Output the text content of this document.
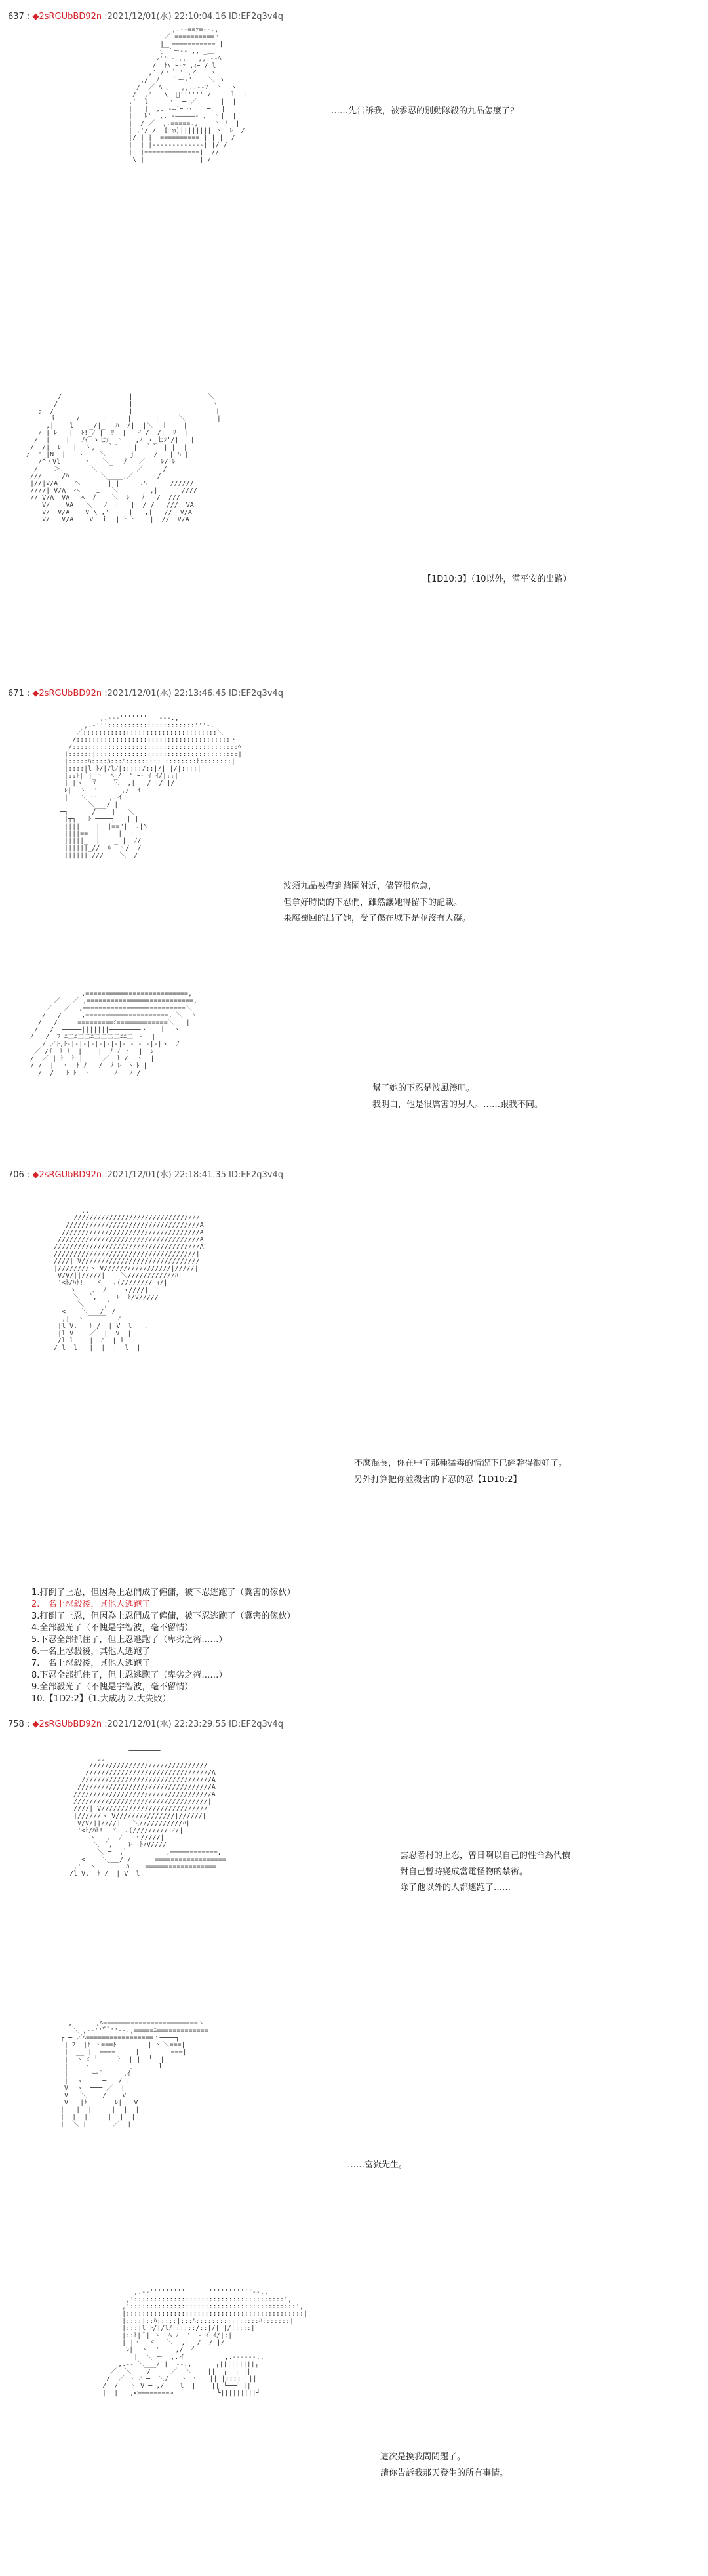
637 : ◆2sRGUbBD92n :2021/12/01(水) 22:10:04.16 ID:EF2q3v4q
,.-‐==ｧ=‐-.,
／ ==========ヽ
|  =========== |
｛￣`ー‐- ,, _＿|
ﾚ''ｰ- ,,_ _,,.-‐ﾍ
/  ﾄ\ ｰ-ｧ ,ｨｰ / l
,′ /ヽ ﾞ ' ,イ   ヽ
,/  ﾉ   ｀ー‐'    ＼ ヽ
/  ／ ﾍ ､___,,..-‐ﾌ  ヽ  ヽ
/  ,'   \  ﾞ'''''' /     l  |
,'  l     ヽ  ─ ／      |  |
|   |  ,. -―`ｰ ⌒ '´ ─、 |  |
|   ﾚ'  ,. -―――――- ､  ヽ|  |
|  / ／ _,.=====.,_   ヽ ﾉ  |
| ,'/ /  [_◎]|||||||| ヽ  ﾚ  /
|/ | |  ========== | | |  /
|  | |-------------| |/ /
|  |==============|  //
\ |______________| /
……先告訴我，被雲忍的別動隊殺的九品怎麼了？
/                 |                   ＼
/                  |                    ヽ
;  /                   |                     |
ｉ     /      |     |      |     ＼        |
,|    l    _/|_＿ ﾊ  /|  |＼  ｜    |
/ | ﾚ   |  ﾄ!_ﾉ |  ﾘ  ||  ｲ /  /|  ﾘ  |
/  |    |   ﾉ{ ゝ七ｧ' ヽ   ,ﾉ ゝ_七ｼ'/|   |
/  /|  ﾚ   |  ヽ,_  ｀´    |  ｀´  | |  |
/  ' |N  |   ヽ    ＼      j     /   | ﾊ |
/^ヽVl      ヽ   ＼_＿ ﾉ   ／    ﾚ/ ﾚ
/    ＞、      ＼          ／     /
///     /ﾊ        ＼____,／      /
|//|V/A    ヘ       | |     .ﾊ      //////
////| V/A  ヘ    i|  ＼   |    ,|      ////
// V/A  VA   ﾍ  ﾉ    ＼  ﾚ   ﾉ   /  ///
V/    VA   ＼   ﾉ  |   |  / /   ///  VA
V/  V/A    V \ ,'  |  |   ,|   //  V/A
V/   V/A    V  ｉ  | ﾄ ﾄ  | |  //  V/A
【1D10:3】（10以外，滿平安的出路）
671 : ◆2sRGUbBD92n :2021/12/01(水) 22:13:46.45 ID:EF2q3v4q
,.-‐‐''''''''''‐‐-.,
,.-'''::::::::::::::::::::::'''-.
／::::::::::::::::::::::::::::::::::＼
/:::::::::::::::::::::::::::::::::::::::ヽ
/::::::::::::::::::::::::::::::::::::::::::ﾍ
|::::::|::::::::::::::::::::::::::::::::::::|
|:::::ﾊ::::ﾊ:::ﾊ:::::::::|::::::::ﾄ::::::::|
|::::|l ﾄ/|/lﾉ|:::::/::|/| |/|::::|
|::ﾄ| ﾞ|_ヽ  ﾍ_ﾉ  ' ｰ- ｲ ｲ/|::|
| |ヽ  ヾ    ＼  ,|   / |/ |/
ﾚ|  ヽ  '      ,/  ｲ
|   ＼ ー   ,.イ
＼___/ |
─┐      /    |   ＼
|┬┐   ﾄ ────┐   | |
||||    |  |=="|  .|ﾍ
||||==  |  ｜ |  | |
|||||_  |  ｜_ |  ﾉ/
||||||_//  ﾙ  ヽ/  /
|||||| ///    ＼  /
波須九品被帶到踏圍附近，儘管很危急，
但拿好時間的下忍們，雖然讓她得留下的記載。
果腐蜀回的出了她，受了傷在城下是並沒有大礙。
,==========================,
／   ／ ,===========================,
／   ／  ,==========================＼
/   /     ,=====================, ＼  ヽ
/   /     =========ﾐ=============＼   |
/   /  ─────|||||||────────ヽ   ｜  ヽ
ﾉ   /  ﾌ ﾆ二ﾆ二二ﾆ二二二二ﾆﾆ二 ヽ  |
/ ／ﾄ,ﾄ-|-|-|-|-|-|-|-|-|-|-|-|ヽ  ﾉ
／ /ｲ  ﾄ ﾄ  |    |  ﾉ ﾉ ヽ  |  ﾚ
/  ／ | ﾄ  ﾄ |     ／  ﾄ /  ヽ  |
/ /  |  ヽ  ﾄ ﾉ   /  ﾉ ﾚ  ﾄ ﾄ |
/  /   ﾄ ﾄ  ヽ      ﾉ   ﾉ /
幫了她的下忍是波風湊吧。
我明白，他是很厲害的男人。……跟我不同。
706 : ◆2sRGUbBD92n :2021/12/01(水) 22:18:41.35 ID:EF2q3v4q
─────
,,
////////////////////////////////
//////////////////////////////////A
///////////////////////////////////A
////////////////////////////////////A
/////////////////////////////////////A
////////////////////////////////////|
////| V//////////////////////////////
|////////ヽ V/////////////////|/////|
V/V/||/////|    ＼////////////ﾊ|
'<ﾄ/ﾊﾄ!   ヾ   ､(//////// ｨ/|
ヽ    ､  ﾉ    ヽ////|
＼   ﾞ,     ﾚ  ﾄ/V/////
＼ ─   ,ﾞ
<    ＼___/  /
,|  ヽ    ￣   ﾊ
|l V.   ﾄ /  | V  l   .
|l V    ／  |  V  |
/l l    |  ﾊ  | l  |
/ l  l   |  |  |  l  |
不麼混長，你在中了那種猛毒的情況下已經幹得很好了。
另外打算把你並殺害的下忍的忍【1D10:2】
1.打倒了上忍，但因為上忍們成了僱傭，被下忍逃跑了（冀害的傢伙）
2.一名上忍殺後，其他人逃跑了
3.打倒了上忍，但因為上忍們成了僱傭，被下忍逃跑了（冀害的傢伙）
4.全部殺光了（不愧是宇智波，毫不留情）
5.下忍全部抓住了，但上忍逃跑了（卑劣之術……）
6.一名上忍殺後，其他人逃跑了
7.一名上忍殺後，其他人逃跑了
8.下忍全部抓住了，但上忍逃跑了（卑劣之術……）
9.全部殺光了（不愧是宇智波，毫不留情）
10.【1D2:2】（1.大成功 2.大失敗）
758 : ◆2sRGUbBD92n :2021/12/01(水) 22:23:29.55 ID:EF2q3v4q
────────
,,
//////////////////////////////
////////////////////////////////A
/////////////////////////////////A
//////////////////////////////////A
///////////////////////////////////A
//////////////////////////////////|
////| V///////////////////////////
|//////ヽ V///////////////|//////|
V/V/||////|   ＼///////////ﾊ|
'<ﾄ/ﾊﾄ!  ヾ  ､(///////// ｨ/|
ヽ   ､  ﾉ   ヽ/////|
＼  ﾞ,    ﾚ  ﾄ/V////
＼ ─  ,ﾞ          ,============,
<    ＼___/ /      ==================
,'  ヽ    ￣  ﾊ    ==================
/l V.  ﾄ /  | V  l
雲忍者村的上忍，曾日啊以自己的性命為代價
對自己暫時變成當電怪物的禁術。
除了他以外的人都逃跑了……
─,      ,ﾍ========================ヽ
＼ ,-‐'''ﾞﾞ''‐-.,=====ﾆ=============
┌ ─ ／ﾍ=================ヽ────┐
| ﾌ  |ﾄ ヽ===ﾄ        | ﾄ ＼===|
|  __ |  ====     |   | |  ===|
|  ヽ ﾐ ┘     ﾄ  | |  ┘  |
|    ヽ          ｣      ｌ
|      ー ﾞ     ,ｲ
|  ヽ     ─   / |
V  ヽ  ─── ／  |
V   ＼____/    V
V   |ﾄ       ﾚ|   V
|   |  |     |  |  |
|  |  |     |  |  |
|  ＼ |    ｜ ／  |
……富嶽先生。
,.-‐''''''''''''''''''''''''''‐-.,
,'::::::::::::::::::::::::::::::::::::::',
,'::::::::::::::::::::::::::::::::::::::::::',
|:::::::::::::::::::::::::::::::::::::::::::::|
|::::|::ﾊ:::::|:::ﾊ::::::::::|:::::ﾊ:::::::|
|:::|l ﾄ/|/lﾉ|:::::/::|/| |/|::::|
|::ﾄ| ﾞ|_ヽ  ﾍ_ﾉ  ' ｰ- ｲ ｲ/|:|
| |ヽ  ヾ   ＼  ,|  / |/ |/
ﾚ|  ヽ  '    ,/  ｲ
|  ＼ ー  ,.イ          ,.-‐‐‐‐-.,
,.-‐ ＼___/ |─ ‐-.,      ┌|||||||||┐
／  ＼ ─  /  ─  ／  ＼    ||  ┌──┐ ||
/  ／ ヽ ﾊ ─  ＼/   ヽ ヽ   || |::::| ||
/  /   ヽ V ─ ,/    l  |    || └──┘ ||
|  |   ,<========>    |  |   └|||||||||┘
這次是換我問問題了。
請你告訴我那天發生的所有事情。
